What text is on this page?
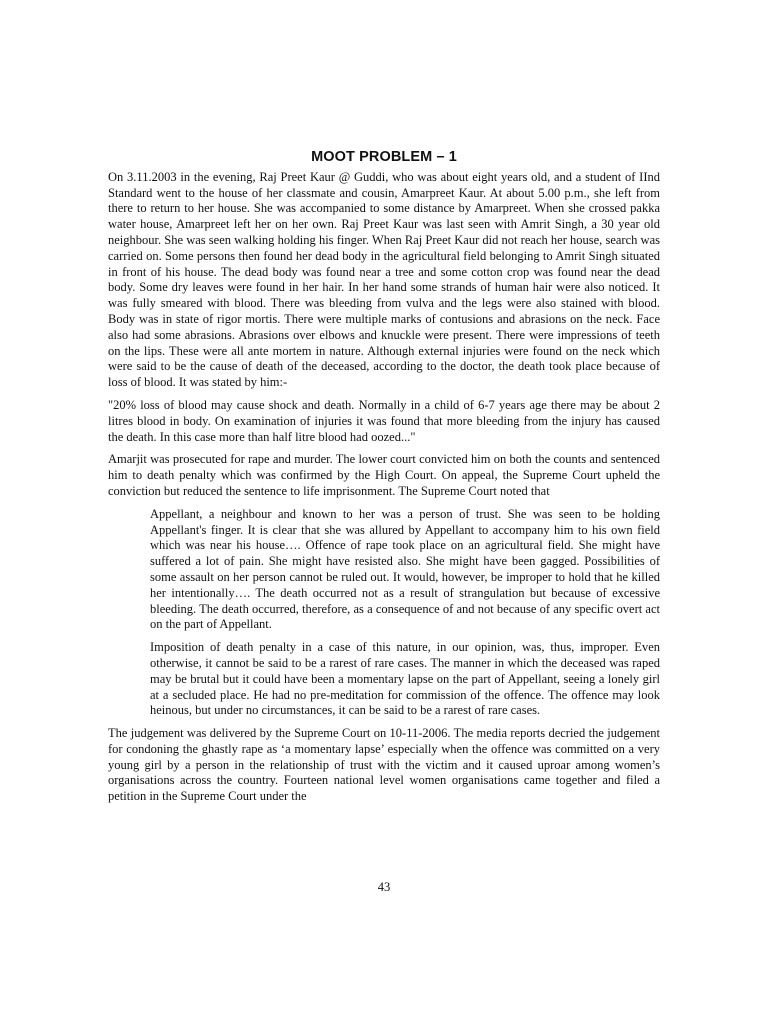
MOOT PROBLEM – 1

On 3.11.2003 in the evening, Raj Preet Kaur @ Guddi, who was about eight years old, and a student of IInd Standard went to the house of her classmate and cousin, Amarpreet Kaur. At about 5.00 p.m., she left from there to return to her house. She was accompanied to some distance by Amarpreet. When she crossed pakka water house, Amarpreet left her on her own. Raj Preet Kaur was last seen with Amrit Singh, a 30 year old neighbour. She was seen walking holding his finger. When Raj Preet Kaur did not reach her house, search was carried on. Some persons then found her dead body in the agricultural field belonging to Amrit Singh situated in front of his house. The dead body was found near a tree and some cotton crop was found near the dead body. Some dry leaves were found in her hair. In her hand some strands of human hair were also noticed. It was fully smeared with blood. There was bleeding from vulva and the legs were also stained with blood. Body was in state of rigor mortis. There were multiple marks of contusions and abrasions on the neck. Face also had some abrasions. Abrasions over elbows and knuckle were present. There were impressions of teeth on the lips. These were all ante mortem in nature. Although external injuries were found on the neck which were said to be the cause of death of the deceased, according to the doctor, the death took place because of loss of blood. It was stated by him:-

"20% loss of blood may cause shock and death. Normally in a child of 6-7 years age there may be about 2 litres blood in body. On examination of injuries it was found that more bleeding from the injury has caused the death. In this case more than half litre blood had oozed..."

Amarjit was prosecuted for rape and murder. The lower court convicted him on both the counts and sentenced him to death penalty which was confirmed by the High Court. On appeal, the Supreme Court upheld the conviction but reduced the sentence to life imprisonment. The Supreme Court noted that

Appellant, a neighbour and known to her was a person of trust. She was seen to be holding Appellant's finger. It is clear that she was allured by Appellant to accompany him to his own field which was near his house…. Offence of rape took place on an agricultural field. She might have suffered a lot of pain. She might have resisted also. She might have been gagged. Possibilities of some assault on her person cannot be ruled out. It would, however, be improper to hold that he killed her intentionally…. The death occurred not as a result of strangulation but because of excessive bleeding. The death occurred, therefore, as a consequence of and not because of any specific overt act on the part of Appellant.

Imposition of death penalty in a case of this nature, in our opinion, was, thus, improper. Even otherwise, it cannot be said to be a rarest of rare cases. The manner in which the deceased was raped may be brutal but it could have been a momentary lapse on the part of Appellant, seeing a lonely girl at a secluded place. He had no pre-meditation for commission of the offence. The offence may look heinous, but under no circumstances, it can be said to be a rarest of rare cases.

The judgement was delivered by the Supreme Court on 10-11-2006. The media reports decried the judgement for condoning the ghastly rape as ‘a momentary lapse’ especially when the offence was committed on a very young girl by a person in the relationship of trust with the victim and it caused uproar among women’s organisations across the country. Fourteen national level women organisations came together and filed a petition in the Supreme Court under the

43
